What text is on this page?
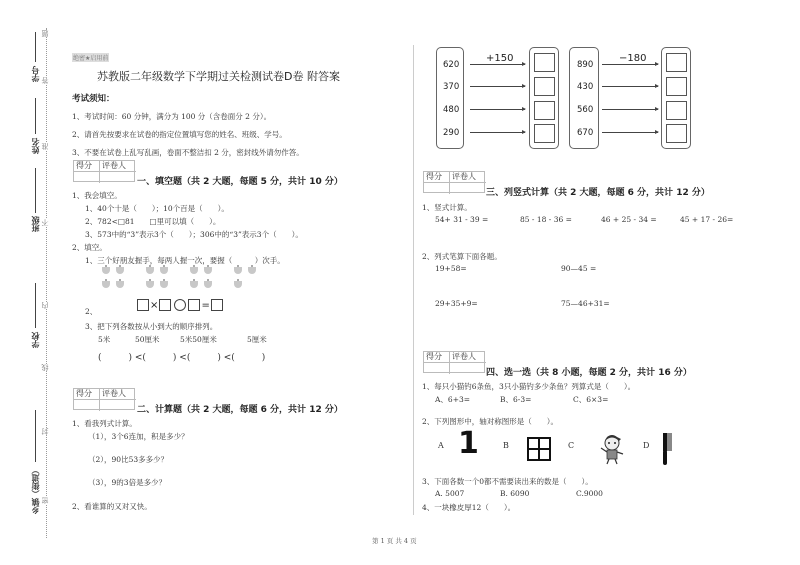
学号
姓名
班级
学校
乡镇（街道）
题
答
准
不
内
线
封
密
绝密★启用前
苏教版二年级数学下学期过关检测试卷D卷 附答案
考试须知：
1、考试时间：60 分钟，满分为 100 分（含卷面分 2 分）。
2、请首先按要求在试卷的指定位置填写您的姓名、班级、学号。
3、不要在试卷上乱写乱画，卷面不整洁扣 2 分，密封线外请勿作答。
得分	评卷人
一、填空题（共 2 大题，每题 5 分，共计 10 分）
1、我会填空。
1、40个十是（　　）；10个百是（　　）。
2、782<□81　　□里可以填（　　）。
3、573中的“3”表示3个（　　）；306中的“3”表示3个（　　）。
2、填空。
1、三个好朋友握手，每两人握一次，要握（　　　）次手。
2、
×	=
3、把下列各数按从小到大的顺序排列。
5米	50厘米	5米50厘米	5厘米
(　　　) <(　　　) <(　　　) <(　　　)
得分	评卷人
二、计算题（共 2 大题，每题 6 分，共计 12 分）
1、看我列式计算。
（1），3个6连加，积是多少？
（2），90比53多多少？
（3），9的3倍是多少？
2、看谁算的又对又快。
620
370
480
290
+150
890
430
560
670
−180
得分	评卷人
三、列竖式计算（共 2 大题，每题 6 分，共计 12 分）
1、竖式计算。
54+ 31 - 39 =	85 - 18 - 36 =	46 + 25 - 34 =	45 + 17 - 26=
2、列式笔算下面各题。
19+58=	90—45 =
29+35+9=	75—46+31=
得分	评卷人
四、选一选（共 8 小题，每题 2 分，共计 16 分）
1、每只小猫钓6条鱼，3只小猫钓多少条鱼？列算式是（　　）。
A、6+3=	B、6-3=	C、6×3=
2、下列图形中，轴对称图形是（　　）。
A 1	B	C	D
3、下面各数一个0都不需要读出来的数是（　　）。
A. 5007	B. 6090	C.9000
4、一块橡皮厚12（　　）。
第 1 页 共 4 页
